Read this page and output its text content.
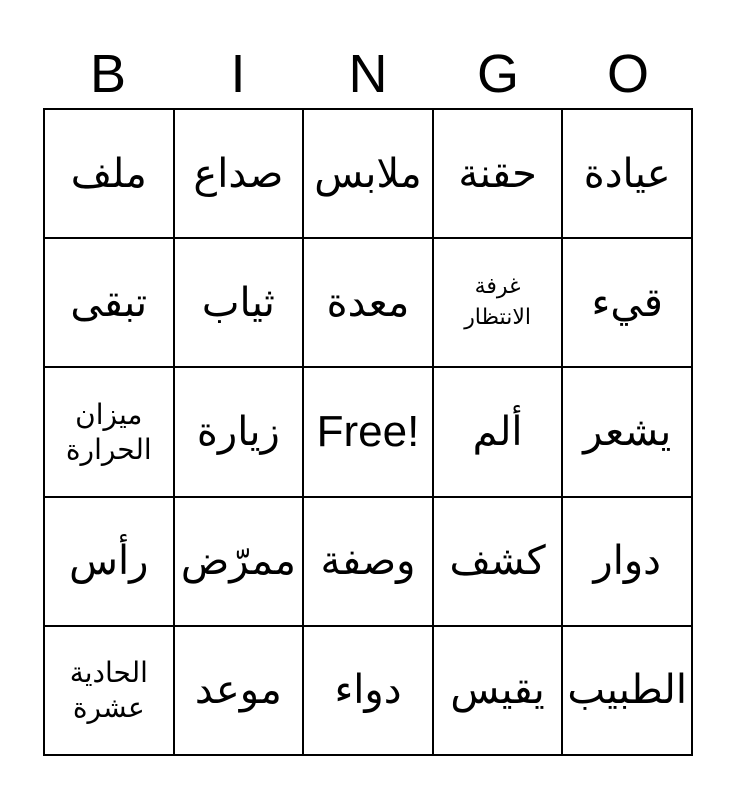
B	I	N	G	O
ملف صداع ملابس حقنة عيادة
تبقى ثياب معدة	غرفة الانتظار	قيء
ميزان الحرارة	زيارة Free! ألم يشعر
رأس ممرّض وصفة كشف دوار
الحادية عشرة	موعد دواء يقيس الطبيب
